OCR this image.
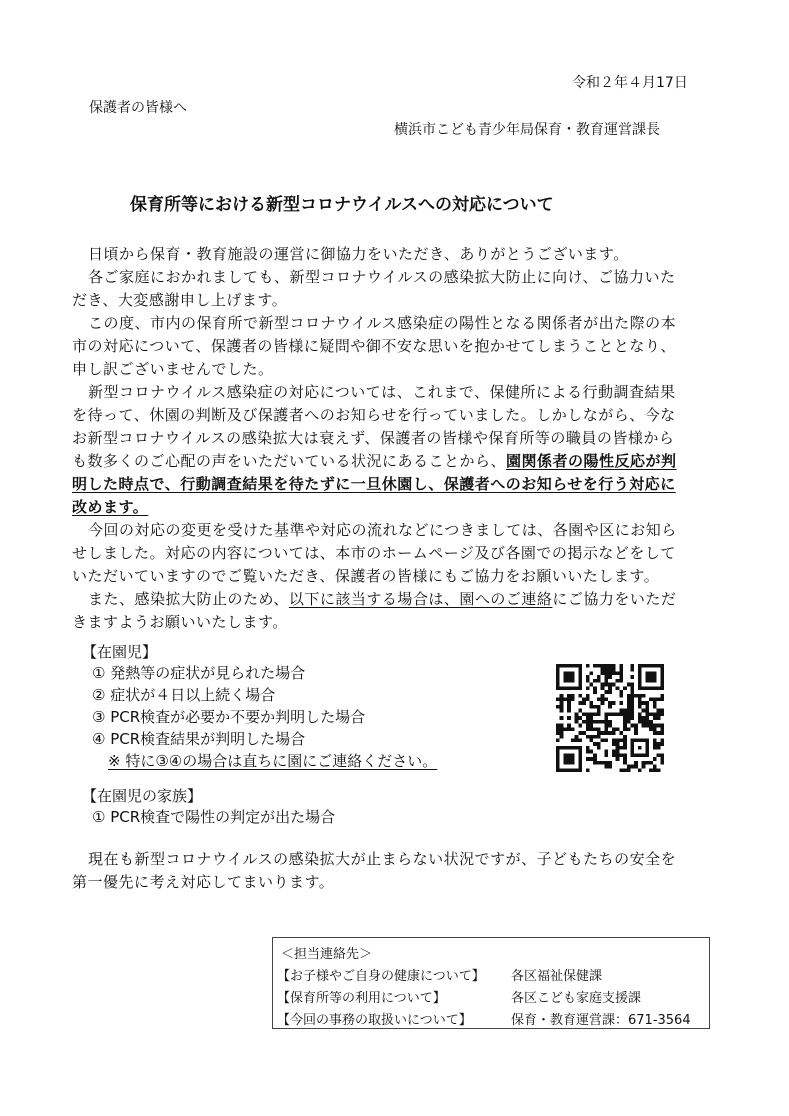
令和２年４月17日
保護者の皆様へ
横浜市こども青少年局保育・教育運営課長
保育所等における新型コロナウイルスへの対応について
日頃から保育・教育施設の運営に御協力をいただき、ありがとうございます。
各ご家庭におかれましても、新型コロナウイルスの感染拡大防止に向け、ご協力いた
だき、大変感謝申し上げます。
この度、市内の保育所で新型コロナウイルス感染症の陽性となる関係者が出た際の本
市の対応について、保護者の皆様に疑問や御不安な思いを抱かせてしまうこととなり、
申し訳ございませんでした。
新型コロナウイルス感染症の対応については、これまで、保健所による行動調査結果
を待って、休園の判断及び保護者へのお知らせを行っていました。しかしながら、今な
お新型コロナウイルスの感染拡大は衰えず、保護者の皆様や保育所等の職員の皆様から
も数多くのご心配の声をいただいている状況にあることから、園関係者の陽性反応が判
明した時点で、行動調査結果を待たずに一旦休園し、保護者へのお知らせを行う対応に
改めます。
今回の対応の変更を受けた基準や対応の流れなどにつきましては、各園や区にお知ら
せしました。対応の内容については、本市のホームページ及び各園での掲示などをして
いただいていますのでご覧いただき、保護者の皆様にもご協力をお願いいたします。
また、感染拡大防止のため、以下に該当する場合は、園へのご連絡にご協力をいただ
きますようお願いいたします。
【在園児】
① 発熱等の症状が見られた場合
② 症状が４日以上続く場合
③ PCR検査が必要か不要か判明した場合
④ PCR検査結果が判明した場合
※ 特に③④の場合は直ちに園にご連絡ください。
【在園児の家族】
① PCR検査で陽性の判定が出た場合
現在も新型コロナウイルスの感染拡大が止まらない状況ですが、子どもたちの安全を
第一優先に考え対応してまいります。
＜担当連絡先＞
【お子様やご自身の健康について】 各区福祉保健課
【保育所等の利用について】	各区こども家庭支援課
【今回の事務の取扱いについて】	保育・教育運営課：671-3564
